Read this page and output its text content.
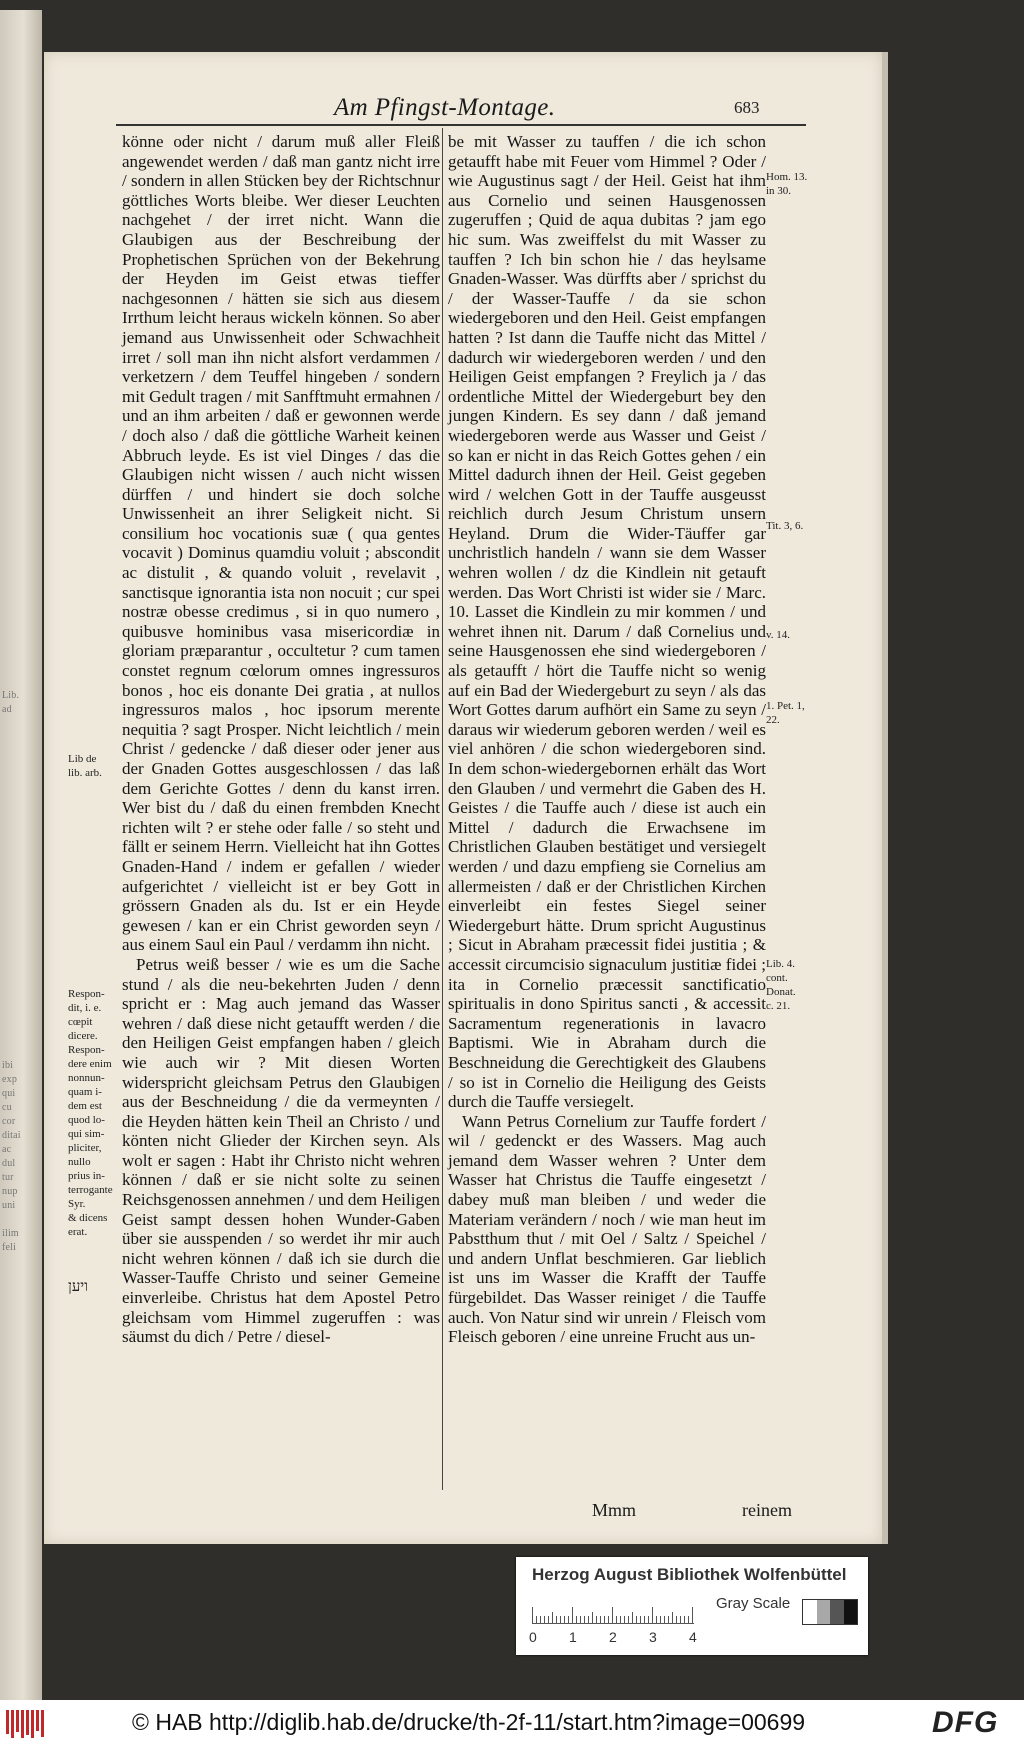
Lib.
ad
ibi
exp
qui
cu
cor
ditai
ac
dul
tur
nup
uni
ilim
feli
Am Pfingst-Montage.	683

könne oder nicht / darum muß aller Fleiß angewendet werden / daß man gantz nicht irre / sondern in allen Stücken bey der Richtschnur göttliches Worts bleibe. Wer dieser Leuchten nachgehet / der irret nicht. Wann die Glaubigen aus der Beschreibung der Prophetischen Sprüchen von der Bekehrung der Heyden im Geist etwas tieffer nachgesonnen / hätten sie sich aus diesem Irrthum leicht heraus wickeln können. So aber jemand aus Unwissenheit oder Schwachheit irret / soll man ihn nicht alsfort verdammen / verketzern / dem Teuffel hingeben / sondern mit Gedult tragen / mit Sanfftmuht ermahnen / und an ihm arbeiten / daß er gewonnen werde / doch also / daß die göttliche Warheit keinen Abbruch leyde. Es ist viel Dinges / das die Glaubigen nicht wissen / auch nicht wissen dürffen / und hindert sie doch solche Unwissenheit an ihrer Seligkeit nicht. Si consilium hoc vocationis suæ ( qua gentes vocavit ) Dominus quamdiu voluit ; abscondit ac distulit , & quando voluit , revelavit , sanctisque ignorantia ista non nocuit ; cur spei nostræ obesse credimus , si in quo numero , quibusve hominibus vasa misericordiæ in gloriam præparantur , occultetur ? cum tamen constet regnum cœlorum omnes ingressuros bonos , hoc eis donante Dei gratia , at nullos ingressuros malos , hoc ipsorum merente nequitia ? sagt Prosper. Nicht leichtlich / mein Christ / gedencke / daß dieser oder jener aus der Gnaden Gottes ausgeschlossen / das laß dem Gerichte Gottes / denn du kanst irren. Wer bist du / daß du einen frembden Knecht richten wilt ? er stehe oder falle / so steht und fällt er seinem Herrn. Vielleicht hat ihn Gottes Gnaden-Hand / indem er gefallen / wieder aufgerichtet / vielleicht ist er bey Gott in grössern Gnaden als du. Ist er ein Heyde gewesen / kan er ein Christ geworden seyn / aus einem Saul ein Paul / verdamm ihn nicht.

Petrus weiß besser / wie es um die Sache stund / als die neu-bekehrten Juden / denn spricht er : Mag auch jemand das Wasser wehren / daß diese nicht getaufft werden / die den Heiligen Geist empfangen haben / gleich wie auch wir ? Mit diesen Worten widerspricht gleichsam Petrus den Glaubigen aus der Beschneidung / die da vermeynten / die Heyden hätten kein Theil an Christo / und könten nicht Glieder der Kirchen seyn. Als wolt er sagen : Habt ihr Christo nicht wehren können / daß er sie nicht solte zu seinen Reichsgenossen annehmen / und dem Heiligen Geist sampt dessen hohen Wunder-Gaben über sie ausspenden / so werdet ihr mir auch nicht wehren können / daß ich sie durch die Wasser-Tauffe Christo und seiner Gemeine einverleibe. Christus hat dem Apostel Petro gleichsam vom Himmel zugeruffen : was säumst du dich / Petre / diesel-

be mit Wasser zu tauffen / die ich schon getaufft habe mit Feuer vom Himmel ? Oder / wie Augustinus sagt / der Heil. Geist hat ihm aus Cornelio und seinen Hausgenossen zugeruffen ; Quid de aqua dubitas ? jam ego hic sum. Was zweiffelst du mit Wasser zu tauffen ? Ich bin schon hie / das heylsame Gnaden-Wasser. Was dürffts aber / sprichst du / der Wasser-Tauffe / da sie schon wiedergeboren und den Heil. Geist empfangen hatten ? Ist dann die Tauffe nicht das Mittel / dadurch wir wiedergeboren werden / und den Heiligen Geist empfangen ? Freylich ja / das ordentliche Mittel der Wiedergeburt bey den jungen Kindern. Es sey dann / daß jemand wiedergeboren werde aus Wasser und Geist / so kan er nicht in das Reich Gottes gehen / ein Mittel dadurch ihnen der Heil. Geist gegeben wird / welchen Gott in der Tauffe ausgeusst reichlich durch Jesum Christum unsern Heyland. Drum die Wider-Täuffer gar unchristlich handeln / wann sie dem Wasser wehren wollen / dz die Kindlein nit getauft werden. Das Wort Christi ist wider sie / Marc. 10. Lasset die Kindlein zu mir kommen / und wehret ihnen nit. Darum / daß Cornelius und seine Hausgenossen ehe sind wiedergeboren / als getaufft / hört die Tauffe nicht so wenig auf ein Bad der Wiedergeburt zu seyn / als das Wort Gottes darum aufhört ein Same zu seyn / daraus wir wiederum geboren werden / weil es viel anhören / die schon wiedergeboren sind. In dem schon-wiedergebornen erhält das Wort den Glauben / und vermehrt die Gaben des H. Geistes / die Tauffe auch / diese ist auch ein Mittel / dadurch die Erwachsene im Christlichen Glauben bestätiget und versiegelt werden / und dazu empfieng sie Cornelius am allermeisten / daß er der Christlichen Kirchen einverleibt ein festes Siegel seiner Wiedergeburt hätte. Drum spricht Augustinus ; Sicut in Abraham præcessit fidei justitia ; & accessit circumcisio signaculum justitiæ fidei ; ita in Cornelio præcessit sanctificatio spiritualis in dono Spiritus sancti , & accessit Sacramentum regenerationis in lavacro Baptismi. Wie in Abraham durch die Beschneidung die Gerechtigkeit des Glaubens / so ist in Cornelio die Heiligung des Geists durch die Tauffe versiegelt.

Wann Petrus Cornelium zur Tauffe fordert / wil / gedenckt er des Wassers. Mag auch jemand dem Wasser wehren ? Unter dem Wasser hat Christus die Tauffe eingesetzt / dabey muß man bleiben / und weder die Materiam verändern / noch / wie man heut im Pabstthum thut / mit Oel / Saltz / Speichel / und andern Unflat beschmieren. Gar lieblich ist uns im Wasser die Krafft der Tauffe fürgebildet. Das Wasser reiniget / die Tauffe auch. Von Natur sind wir unrein / Fleisch vom Fleisch geboren / eine unreine Frucht aus un-

Lib de
lib. arb.
Respon-
dit, i. e.
cœpit
dicere.
Respon-
dere enim
nonnun-
quam i-
dem est
quod lo-
qui sim-
pliciter,
nullo
prius in-
terrogante
Syr.
& dicens
erat.
ויען
Hom. 13.
in 30.
Tit. 3, 6.
v. 14.
1. Pet. 1,
22.
Lib. 4.
cont.
Donat.
c. 21.
Mmm	reinem
Herzog August Bibliothek Wolfenbüttel
0 1 2 3 4
Gray Scale
© HAB http://diglib.hab.de/drucke/th-2f-11/start.htm?image=00699	DFG
